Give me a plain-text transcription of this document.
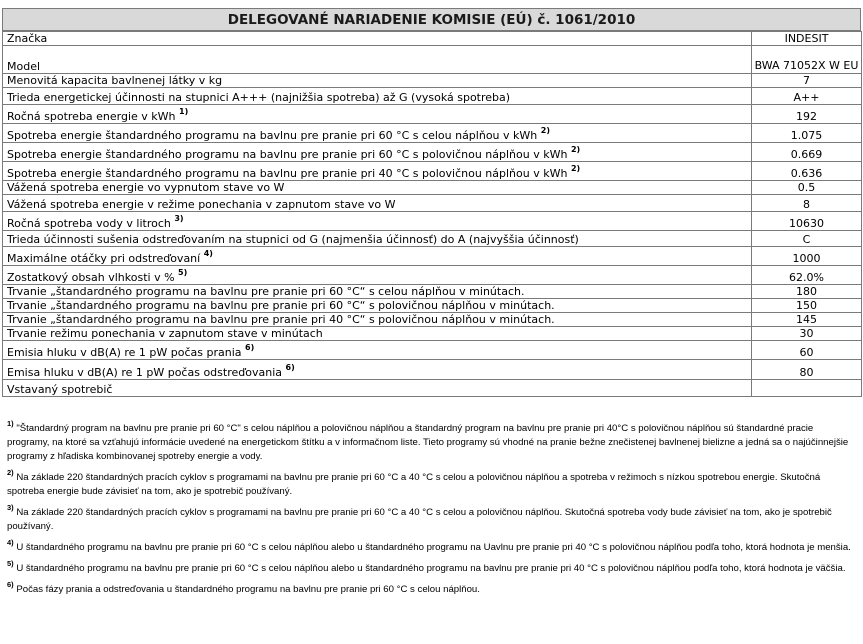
DELEGOVANÉ NARIADENIE KOMISIE (EÚ) č. 1061/2010
Značka	INDESIT
Model	BWA 71052X W EU
Menovitá kapacita bavlnenej látky v kg	7
Trieda energetickej účinnosti na stupnici A+++ (najnižšia spotreba) až G (vysoká spotreba)	A++
Ročná spotreba energie v kWh $^{1)}$	192
Spotreba energie štandardného programu na bavlnu pre pranie pri 60 °C s celou náplňou v kWh $^{2)}$	1.075
Spotreba energie štandardného programu na bavlnu pre pranie pri 60 °C s polovičnou náplňou v kWh $^{2)}$	0.669
Spotreba energie štandardného programu na bavlnu pre pranie pri 40 °C s polovičnou náplňou v kWh $^{2)}$	0.636
Vážená spotreba energie vo vypnutom stave vo W	0.5
Vážená spotreba energie v režime ponechania v zapnutom stave vo W	8
Ročná spotreba vody v litroch $^{3)}$	10630
Trieda účinnosti sušenia odstreďovaním na stupnici od G (najmenšia účinnosť) do A (najvyššia účinnosť)	C
Maximálne otáčky pri odstreďovaní $^{4)}$	1000
Zostatkový obsah vlhkosti v % $^{5)}$	62.0%
Trvanie „štandardného programu na bavlnu pre pranie pri 60 °C“ s celou náplňou v minútach.	180
Trvanie „štandardného programu na bavlnu pre pranie pri 60 °C“ s polovičnou náplňou v minútach.	150
Trvanie „štandardného programu na bavlnu pre pranie pri 40 °C“ s polovičnou náplňou v minútach.	145
Trvanie režimu ponechania v zapnutom stave v minútach	30
Emisia hluku v dB(A) re 1 pW počas prania $^{6)}$	60
Emisa hluku v dB(A) re 1 pW počas odstreďovania $^{6)}$	80
Vstavaný spotrebič	
$^{1)}$ "Štandardný program na bavlnu pre pranie pri 60 °C" s celou náplňou a polovičnou náplňou a štandardný program na bavlnu pre pranie pri 40°C s polovičnou náplňou sú štandardné pracie programy, na ktoré sa vzťahujú informácie uvedené na energetickom štítku a v informačnom liste. Tieto programy sú vhodné na pranie bežne znečistenej bavlnenej bielizne a jedná sa o najúčinnejšie programy z hľadiska kombinovanej spotreby energie a vody.
$^{2)}$ Na základe 220 štandardných pracích cyklov s programami na bavlnu pre pranie pri 60 °C a 40 °C s celou a polovičnou náplňou a spotreba v režimoch s nízkou spotrebou energie. Skutočná spotreba energie bude závisieť na tom, ako je spotrebič používaný.
$^{3)}$ Na základe 220 štandardných pracích cyklov s programami na bavlnu pre pranie pri 60 °C a 40 °C s celou a polovičnou náplňou. Skutočná spotreba vody bude závisieť na tom, ako je spotrebič používaný.
$^{4)}$ U štandardného programu na bavlnu pre pranie pri 60 °C s celou náplňou alebo u štandardného programu na Uavlnu pre pranie pri 40 °C s polovičnou náplňou podľa toho, ktorá hodnota je menšia.
$^{5)}$ U štandardného programu na bavlnu pre pranie pri 60 °C s celou náplňou alebo u štandardného programu na bavlnu pre pranie pri 40 °C s polovičnou náplňou podľa toho, ktorá hodnota je väčšia.
$^{6)}$ Počas fázy prania a odstreďovania u štandardného programu na bavlnu pre pranie pri 60 °C s celou náplňou.
